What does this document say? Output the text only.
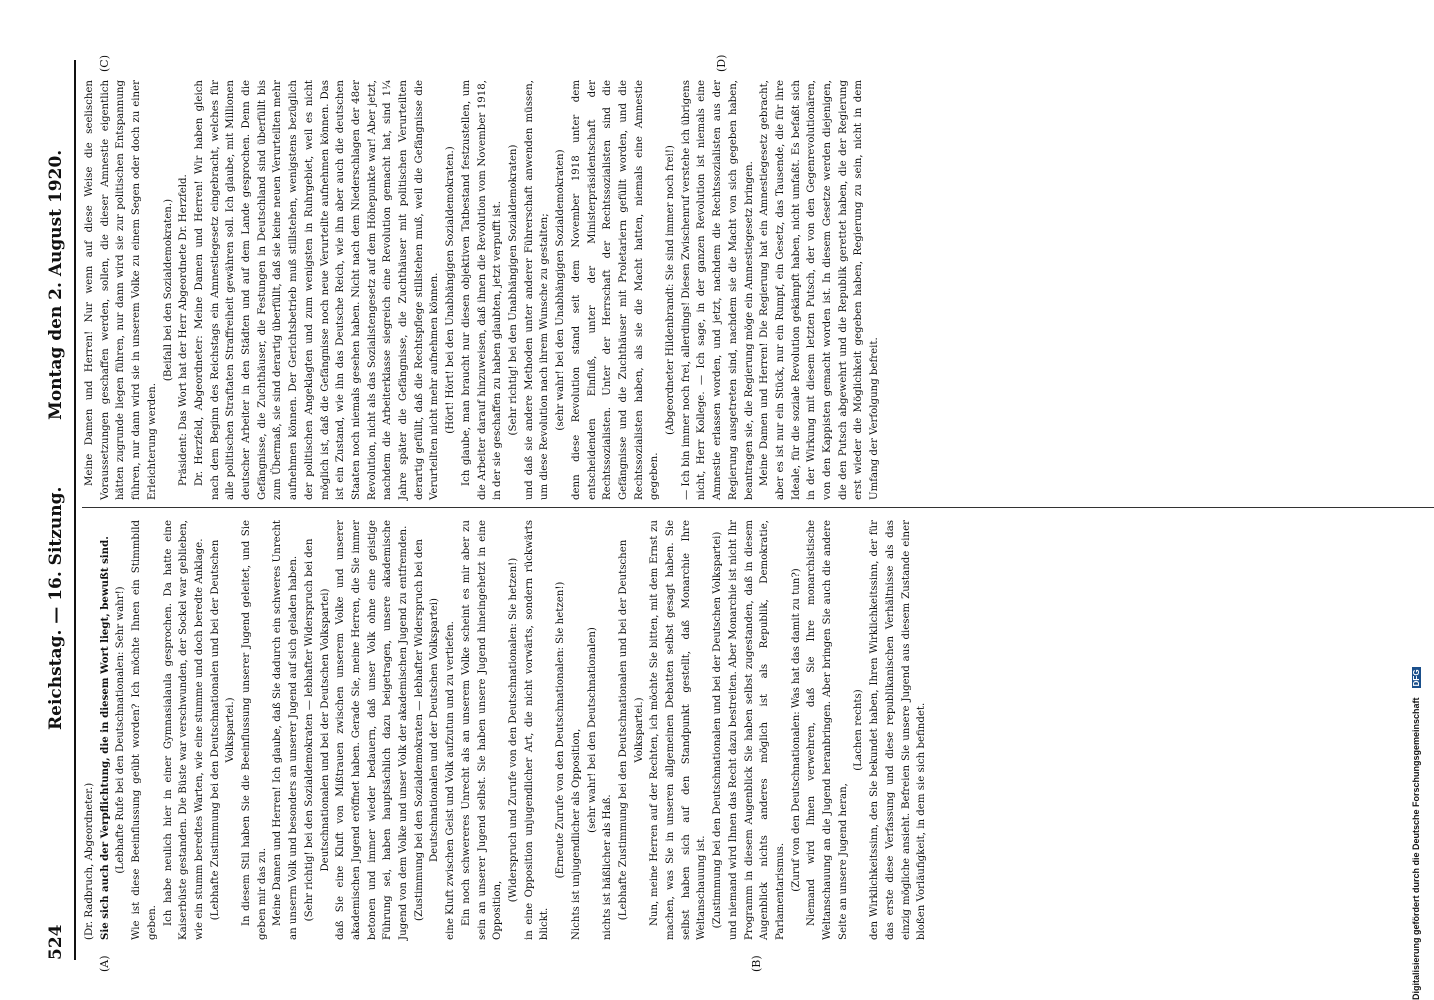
524
Reichstag. — 16. Sitzung.
Montag den 2. August 1920.
(A)	(B)
(C)	(D)

(Dr. Radbruch, Abgeordneter.) Sie sich auch der Verpflichtung, die in diesem Wort liegt, bewußt sind. (Lebhafte Rufe bei den Deutschnationalen: Sehr wahr!) Wie ist diese Beeinflussung geübt worden? Ich möchte Ihnen ein Stimmbild geben. Ich habe neulich hier in einer Gymnasialaula gesprochen. Da hatte eine Kaiserbüste gestanden. Die Büste war verschwunden, der Sockel war geblieben, wie ein stumm beredtes Warten, wie eine stumme und doch beredte Anklage. (Lebhafte Zustimmung bei den Deutschnationalen und bei der Deutschen Volkspartei.) In diesem Stil haben Sie die Beeinflussung unserer Jugend geleitet, und Sie geben mir das zu. Meine Damen und Herren! Ich glaube, daß Sie dadurch ein schweres Unrecht an unserm Volk und besonders an unserer Jugend auf sich geladen haben. (Sehr richtig! bei den Sozialdemokraten — lebhafter Widerspruch bei den Deutschnationalen und bei der Deutschen Volkspartei) daß Sie eine Kluft von Mißtrauen zwischen unserem Volke und unserer akademischen Jugend eröffnet haben. Gerade Sie, meine Herren, die Sie immer betonen und immer wieder bedauern, daß unser Volk ohne eine geistige Führung sei, haben hauptsächlich dazu beigetragen, unsere akademische Jugend von dem Volke und unser Volk der akademischen Jugend zu entfremden. (Zustimmung bei den Sozialdemokraten — lebhafter Widerspruch bei den Deutschnationalen und der Deutschen Volkspartei) eine Kluft zwischen Geist und Volk aufzutun und zu vertiefen. Ein noch schwereres Unrecht als an unserem Volke scheint es mir aber zu sein an unserer Jugend selbst. Sie haben unsere Jugend hineingehetzt in eine Opposition,

(Widerspruch und Zurufe von den Deutschnationalen: Sie hetzen!) in eine Opposition unjugendlicher Art, die nicht vorwärts, sondern rückwärts blickt.

(Erneute Zurufe von den Deutschnationalen: Sie hetzen!) Nichts ist unjugendlicher als Opposition, (sehr wahr! bei den Deutschnationalen)

nichts ist häßlicher als Haß. (Lebhafte Zustimmung bei den Deutschnationalen und bei der Deutschen Volkspartei.) Nun, meine Herren auf der Rechten, ich möchte Sie bitten, mit dem Ernst zu machen, was Sie in unseren allgemeinen Debatten selbst gesagt haben. Sie selbst haben sich auf den Standpunkt gestellt, daß Monarchie Ihre Weltanschauung ist. (Zustimmung bei den Deutschnationalen und bei der Deutschen Volkspartei) und niemand wird Ihnen das Recht dazu bestreiten. Aber Monarchie ist nicht Ihr Programm in diesem Augenblick Sie haben selbst zugestanden, daß in diesem Augenblick nichts anderes möglich ist als Republik, Demokratie, Parlamentarismus. (Zuruf von den Deutschnationalen: Was hat das damit zu tun?) Niemand wird Ihnen verwehren, daß Sie Ihre monarchistische Weltanschauung an die Jugend heranbringen. Aber bringen Sie auch die andere Seite an unsere Jugend heran,

(Lachen rechts) den Wirklichkeitssinn, den Sie bekundet haben, Ihren Wirklichkeitssinn, der für das erste diese Verfassung und diese republikanischen Verhältnisse als das einzig mögliche ansieht. Befreien Sie unsere Jugend aus diesem Zustande einer bloßen Vorläufigkeit, in dem sie sich befindet.

Meine Damen und Herren! Nur wenn auf diese Weise die seelischen Voraussetzungen geschaffen werden, sollen, die dieser Amnestie eigentlich hätten zugrunde liegen führen, nur dann wird sie zur politischen Entspannung führen, nur dann wird sie in unserem Volke zu einem Segen oder doch zu einer Erleichterung werden.

(Beifall bei den Sozialdemokraten.) Präsident: Das Wort hat der Herr Abgeordnete Dr. Herzfeld. Dr. Herzfeld, Abgeordneter: Meine Damen und Herren! Wir haben gleich nach dem Beginn des Reichstags ein Amnestiegesetz eingebracht, welches für alle politischen Straftaten Straffreiheit gewähren soll. Ich glaube, mit Millionen deutscher Arbeiter in den Städten und auf dem Lande gesprochen. Denn die Gefängnisse, die Zuchthäuser, die Festungen in Deutschland sind überfüllt bis zum Übermaß, sie sind derartig überfüllt, daß sie keine neuen Verurteilten mehr aufnehmen können. Der Gerichtsbetrieb muß stillstehen, wenigstens bezüglich der politischen Angeklagten und zum wenigsten in Ruhrgebiet, weil es nicht möglich ist, daß die Gefängnisse noch neue Verurteilte aufnehmen können. Das ist ein Zustand, wie ihn das Deutsche Reich, wie ihn aber auch die deutschen Staaten noch niemals gesehen haben. Nicht nach dem Niederschlagen der 48er Revolution, nicht als das Sozialistengesetz auf dem Höhepunkte war! Aber jetzt, nachdem die Arbeiterklasse siegreich eine Revolution gemacht hat, sind 1¼ Jahre später die Gefängnisse, die Zuchthäuser mit politischen Verurteilten derartig gefüllt, daß die Rechtspflege stillstehen muß, weil die Gefängnisse die Verurteilten nicht mehr aufnehmen können. (Hört! Hört! bei den Unabhängigen Sozialdemokraten.) Ich glaube, man braucht nur diesen objektiven Tatbestand festzustellen, um die Arbeiter darauf hinzuweisen, daß ihnen die Revolution vom November 1918, in der sie geschaffen zu haben glaubten, jetzt verpufft ist. (Sehr richtig! bei den Unabhängigen Sozialdemokraten) und daß sie andere Methoden unter anderer Führerschaft anwenden müssen, um diese Revolution nach ihrem Wunsche zu gestalten; (sehr wahr! bei den Unabhängigen Sozialdemokraten) denn diese Revolution stand seit dem November 1918 unter dem entscheidenden Einfluß, unter der Ministerpräsidentschaft der Rechtssozialisten. Unter der Herrschaft der Rechtssozialisten sind die Gefängnisse und die Zuchthäuser mit Proletariern gefüllt worden, und die Rechtssozialisten haben, als sie die Macht hatten, niemals eine Amnestie gegeben.

(Abgeordneter Hildenbrandt: Sie sind immer noch frei!) — Ich bin immer noch frei, allerdings! Diesen Zwischenruf verstehe ich übrigens nicht, Herr Kollege. — Ich sage, in der ganzen Revolution ist niemals eine Amnestie erlassen worden, und jetzt, nachdem die Rechtssozialisten aus der Regierung ausgetreten sind, nachdem sie die Macht von sich gegeben haben, beantragen sie, die Regierung möge ein Amnestiegesetz bringen. Meine Damen und Herren! Die Regierung hat ein Amnestiegesetz gebracht, aber es ist nur ein Stück, nur ein Rumpf, ein Gesetz, das Tausende, die für ihre Ideale, für die soziale Revolution gekämpft haben, nicht umfaßt. Es befaßt sich in der Wirkung mit diesem letzten Putsch, der von den Gegenrevolutionären, von den Kappisten gemacht worden ist. In diesem Gesetze werden diejenigen, die den Putsch abgewehrt und die Republik gerettet haben, die der Regierung erst wieder die Möglichkeit gegeben haben, Regierung zu sein, nicht in dem Umfang der Verfolgung befreit.

Digitalisierung gefördert durch die Deutsche Forschungsgemeinschaft DFG
